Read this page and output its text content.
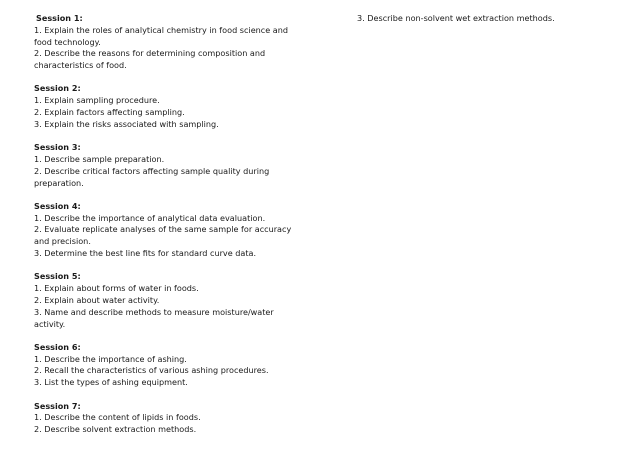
Session 1:
1. Explain the roles of analytical chemistry in food science and food technology.
2. Describe the reasons for determining composition and characteristics of food.
Session 2:
1. Explain sampling procedure.
2. Explain factors affecting sampling.
3. Explain the risks associated with sampling.
Session 3:
1. Describe sample preparation.
2. Describe critical factors affecting sample quality during preparation.
Session 4:
1. Describe the importance of analytical data evaluation.
2. Evaluate replicate analyses of the same sample for accuracy and precision.
3. Determine the best line fits for standard curve data.
Session 5:
1. Explain about forms of water in foods.
2. Explain about water activity.
3. Name and describe methods to measure moisture/water activity.
Session 6:
1. Describe the importance of ashing.
2. Recall the characteristics of various ashing procedures.
3. List the types of ashing equipment.
Session 7:
1. Describe the content of lipids in foods.
2. Describe solvent extraction methods.
3. Describe non-solvent wet extraction methods.
